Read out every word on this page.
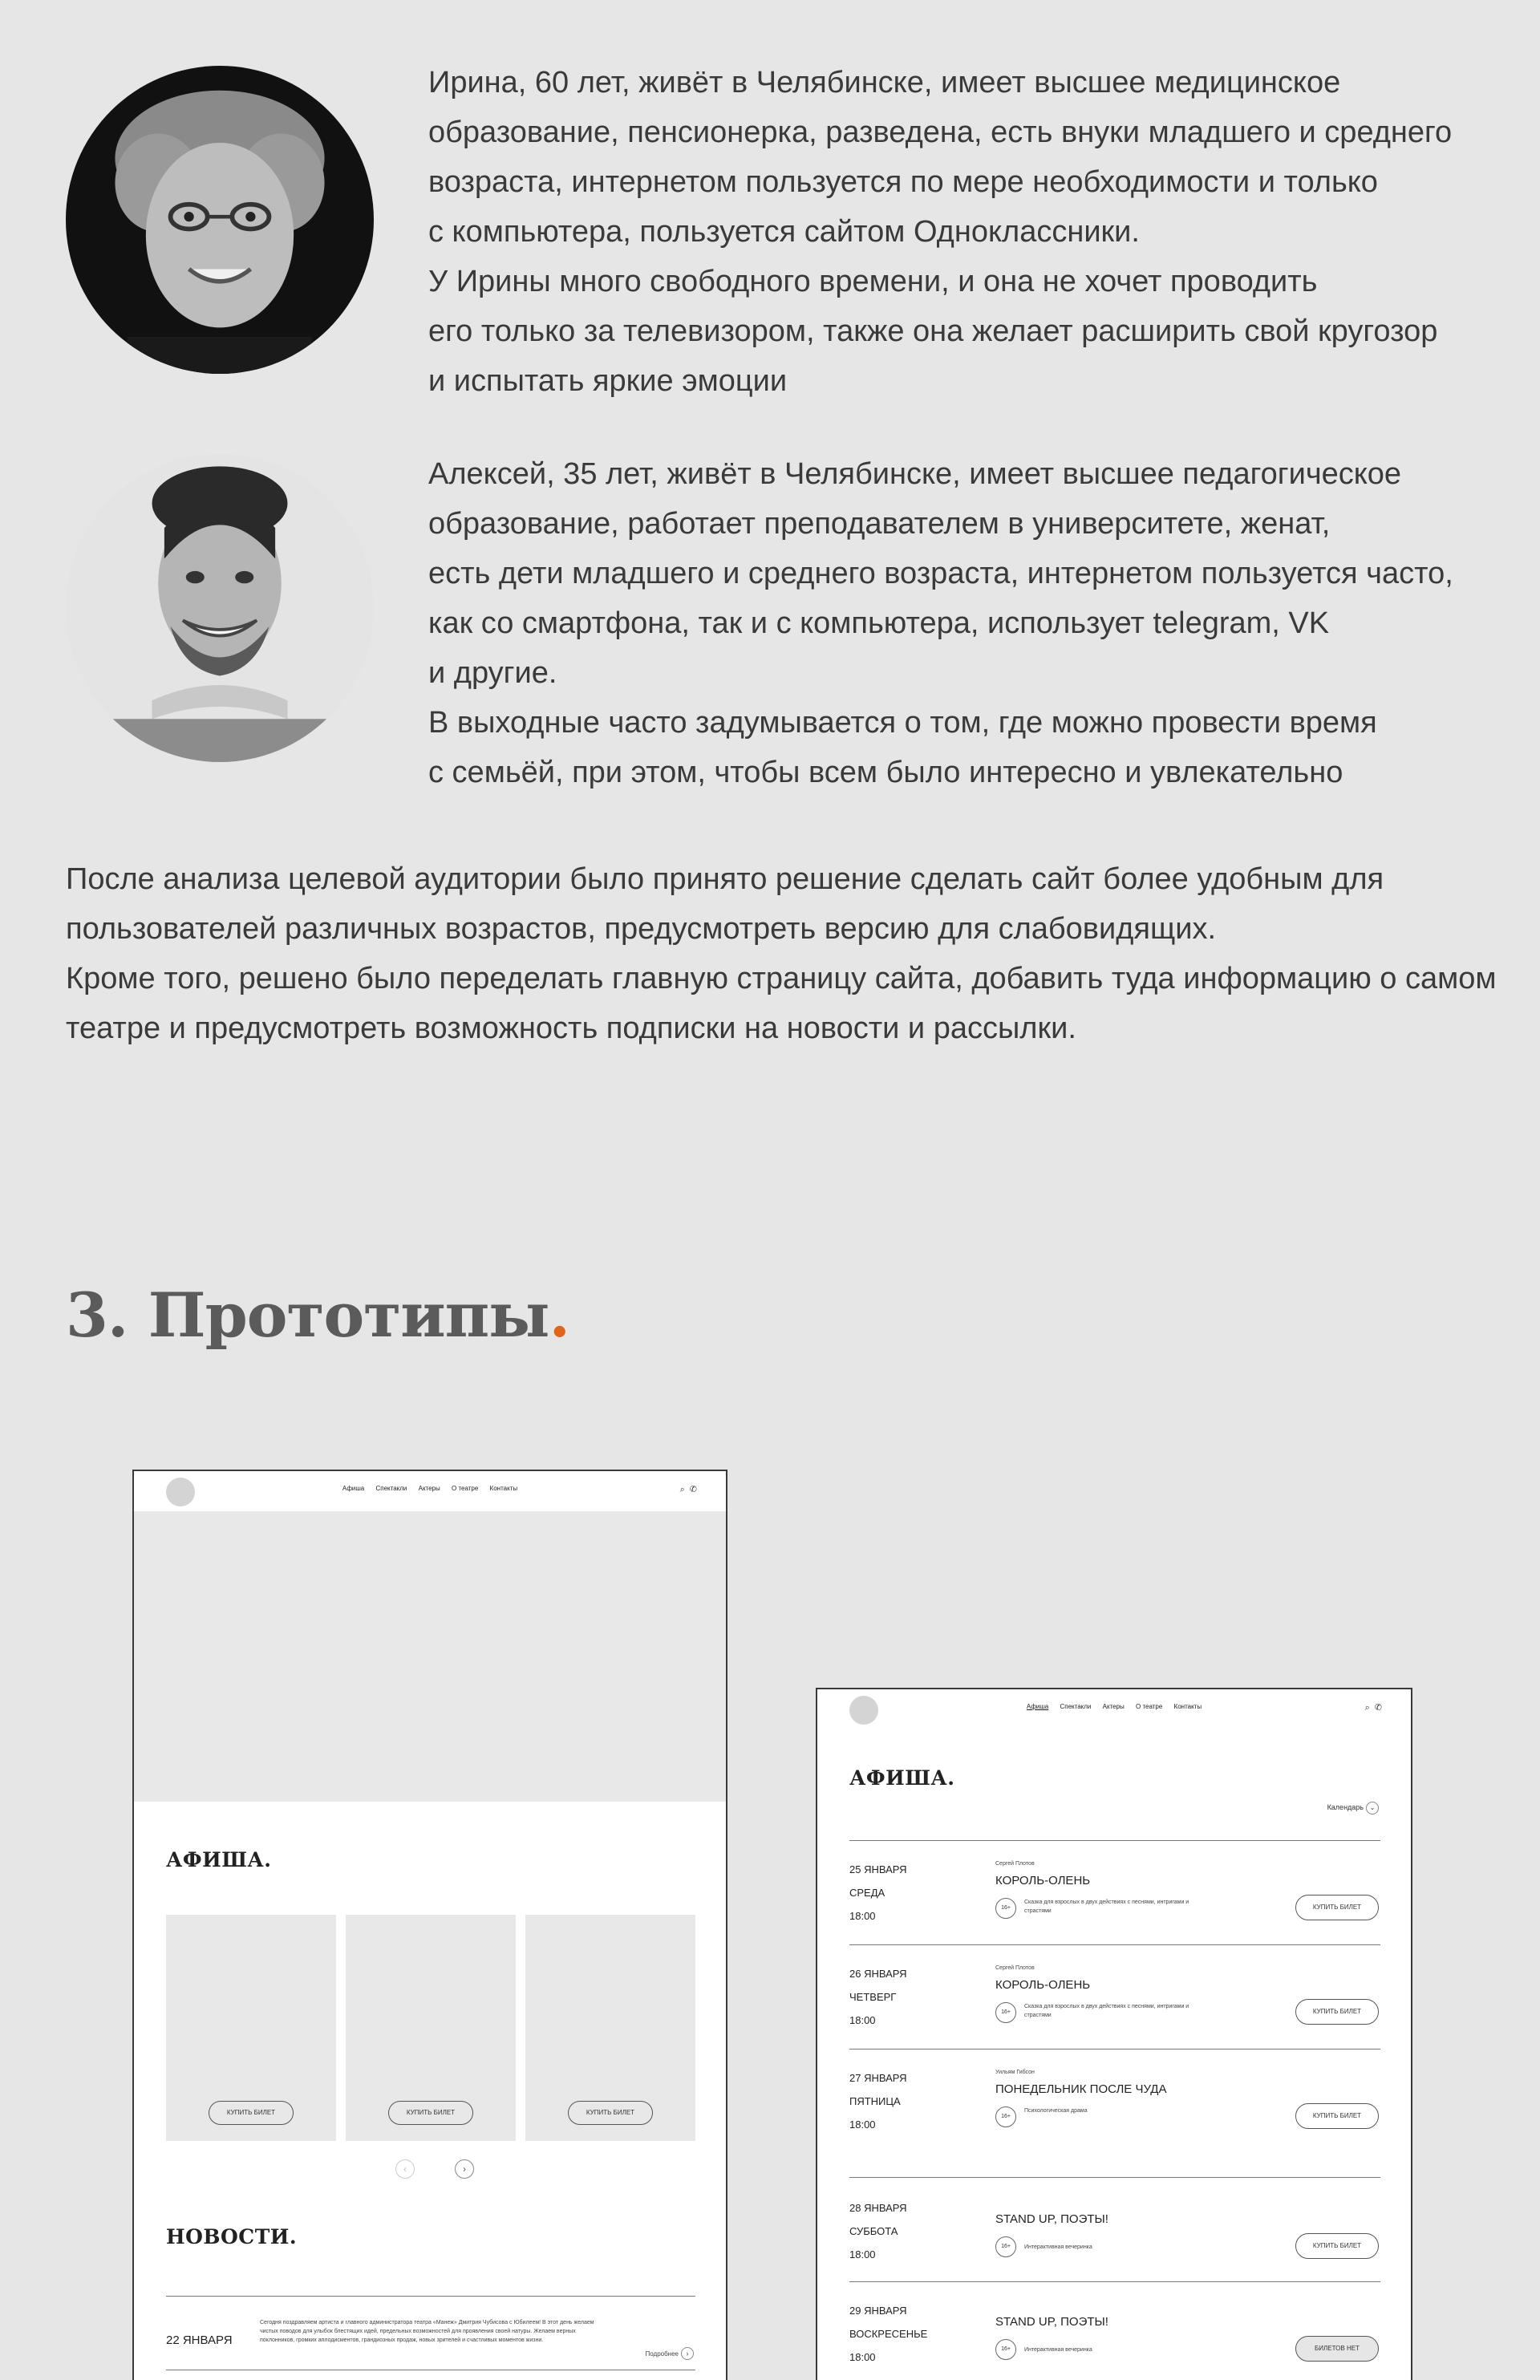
Ирина, 60 лет, живёт в Челябинске, имеет высшее медицинское
образование, пенсионерка, разведена, есть внуки младшего и среднего
возраста, интернетом пользуется по мере необходимости и только
с компьютера, пользуется сайтом Одноклассники.
У Ирины много свободного времени, и она не хочет проводить
его только за телевизором, также она желает расширить свой кругозор
и испытать яркие эмоции

Алексей, 35 лет, живёт в Челябинске, имеет высшее педагогическое
образование, работает преподавателем в университете, женат,
есть дети младшего и среднего возраста, интернетом пользуется часто,
как со смартфона, так и с компьютера, использует telegram, VK
и другие.
В выходные часто задумывается о том, где можно провести время
с семьёй, при этом, чтобы всем было интересно и увлекательно

После анализа целевой аудитории было принято решение сделать сайт более удобным для
пользователей различных возрастов, предусмотреть версию для слабовидящих.
Кроме того, решено было переделать главную страницу сайта, добавить туда информацию о самом
театре и предусмотреть возможность подписки на новости и рассылки.

3. Прототипы.
Афиша Спектакли Актеры О театре Контакты	⌕ ✆
АФИША.
КУПИТЬ БИЛЕТ	КУПИТЬ БИЛЕТ	КУПИТЬ БИЛЕТ
‹	›
НОВОСТИ.
22 ЯНВАРЯ
Сегодня поздравляем артиста и главного администратора театра «Манеж» Дмитрия Чубисова с Юбилеем! В этот день желаем чистых поводов для улыбок блестящих идей, предельных возможностей для проявления своей натуры. Желаем верных поклонников, громких аплодисментов, грандиозных продаж, новых зрителей и счастливых моментов жизни.
Подробнее ›
Афиша Спектакли Актеры О театре Контакты	⌕ ✆
АФИША.
Календарь ⌄
25 ЯНВАРЯ
СРЕДА
18:00
Сергей Плотов
КОРОЛЬ-ОЛЕНЬ
16+
Сказка для взрослых в двух действиях с песнями, интригами и страстями
КУПИТЬ БИЛЕТ
26 ЯНВАРЯ
ЧЕТВЕРГ
18:00
Сергей Плотов
КОРОЛЬ-ОЛЕНЬ
16+
Сказка для взрослых в двух действиях с песнями, интригами и страстями
КУПИТЬ БИЛЕТ
27 ЯНВАРЯ
ПЯТНИЦА
18:00
Уильям Гибсон
ПОНЕДЕЛЬНИК ПОСЛЕ ЧУДА
16+
Психологическая драма
КУПИТЬ БИЛЕТ
28 ЯНВАРЯ
СУББОТА
18:00
STAND UP, ПОЭТЫ!
16+	Интерактивная вечеринка	КУПИТЬ БИЛЕТ
29 ЯНВАРЯ
ВОСКРЕСЕНЬЕ
18:00
STAND UP, ПОЭТЫ!
16+	Интерактивная вечеринка	БИЛЕТОВ НЕТ
